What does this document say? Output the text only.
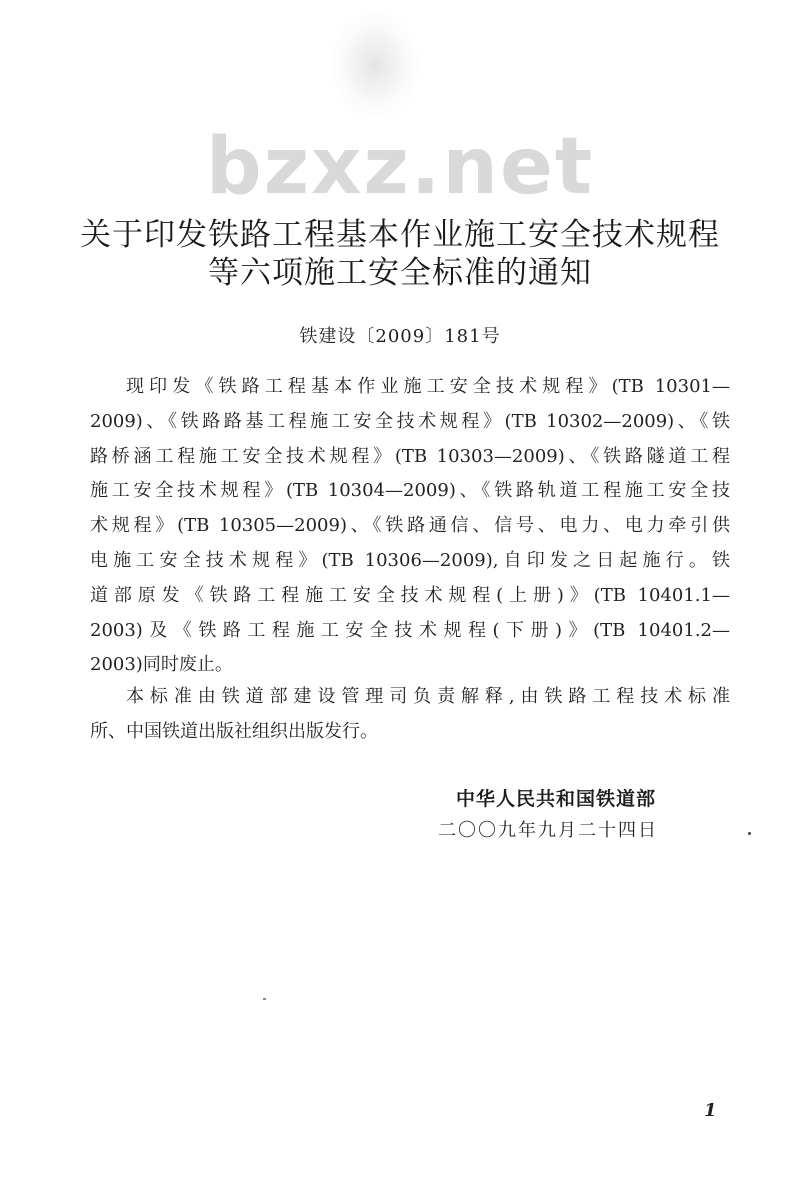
bzxz.net
关于印发铁路工程基本作业施工安全技术规程
等六项施工安全标准的通知
铁建设〔2009〕181号
现印发《铁路工程基本作业施工安全技术规程》(TB 10301—
2009)、《铁路路基工程施工安全技术规程》(TB 10302—2009)、《铁
路桥涵工程施工安全技术规程》(TB 10303—2009)、《铁路隧道工程
施工安全技术规程》(TB 10304—2009)、《铁路轨道工程施工安全技
术规程》(TB 10305—2009)、《铁路通信、信号、电力、电力牵引供
电施工安全技术规程》(TB 10306—2009),自印发之日起施行。铁
道部原发《铁路工程施工安全技术规程(上册)》(TB 10401.1—
2003)及《铁路工程施工安全技术规程(下册)》(TB 10401.2—
2003)同时废止。
本标准由铁道部建设管理司负责解释,由铁路工程技术标准
所、中国铁道出版社组织出版发行。
中华人民共和国铁道部
二〇〇九年九月二十四日
1
